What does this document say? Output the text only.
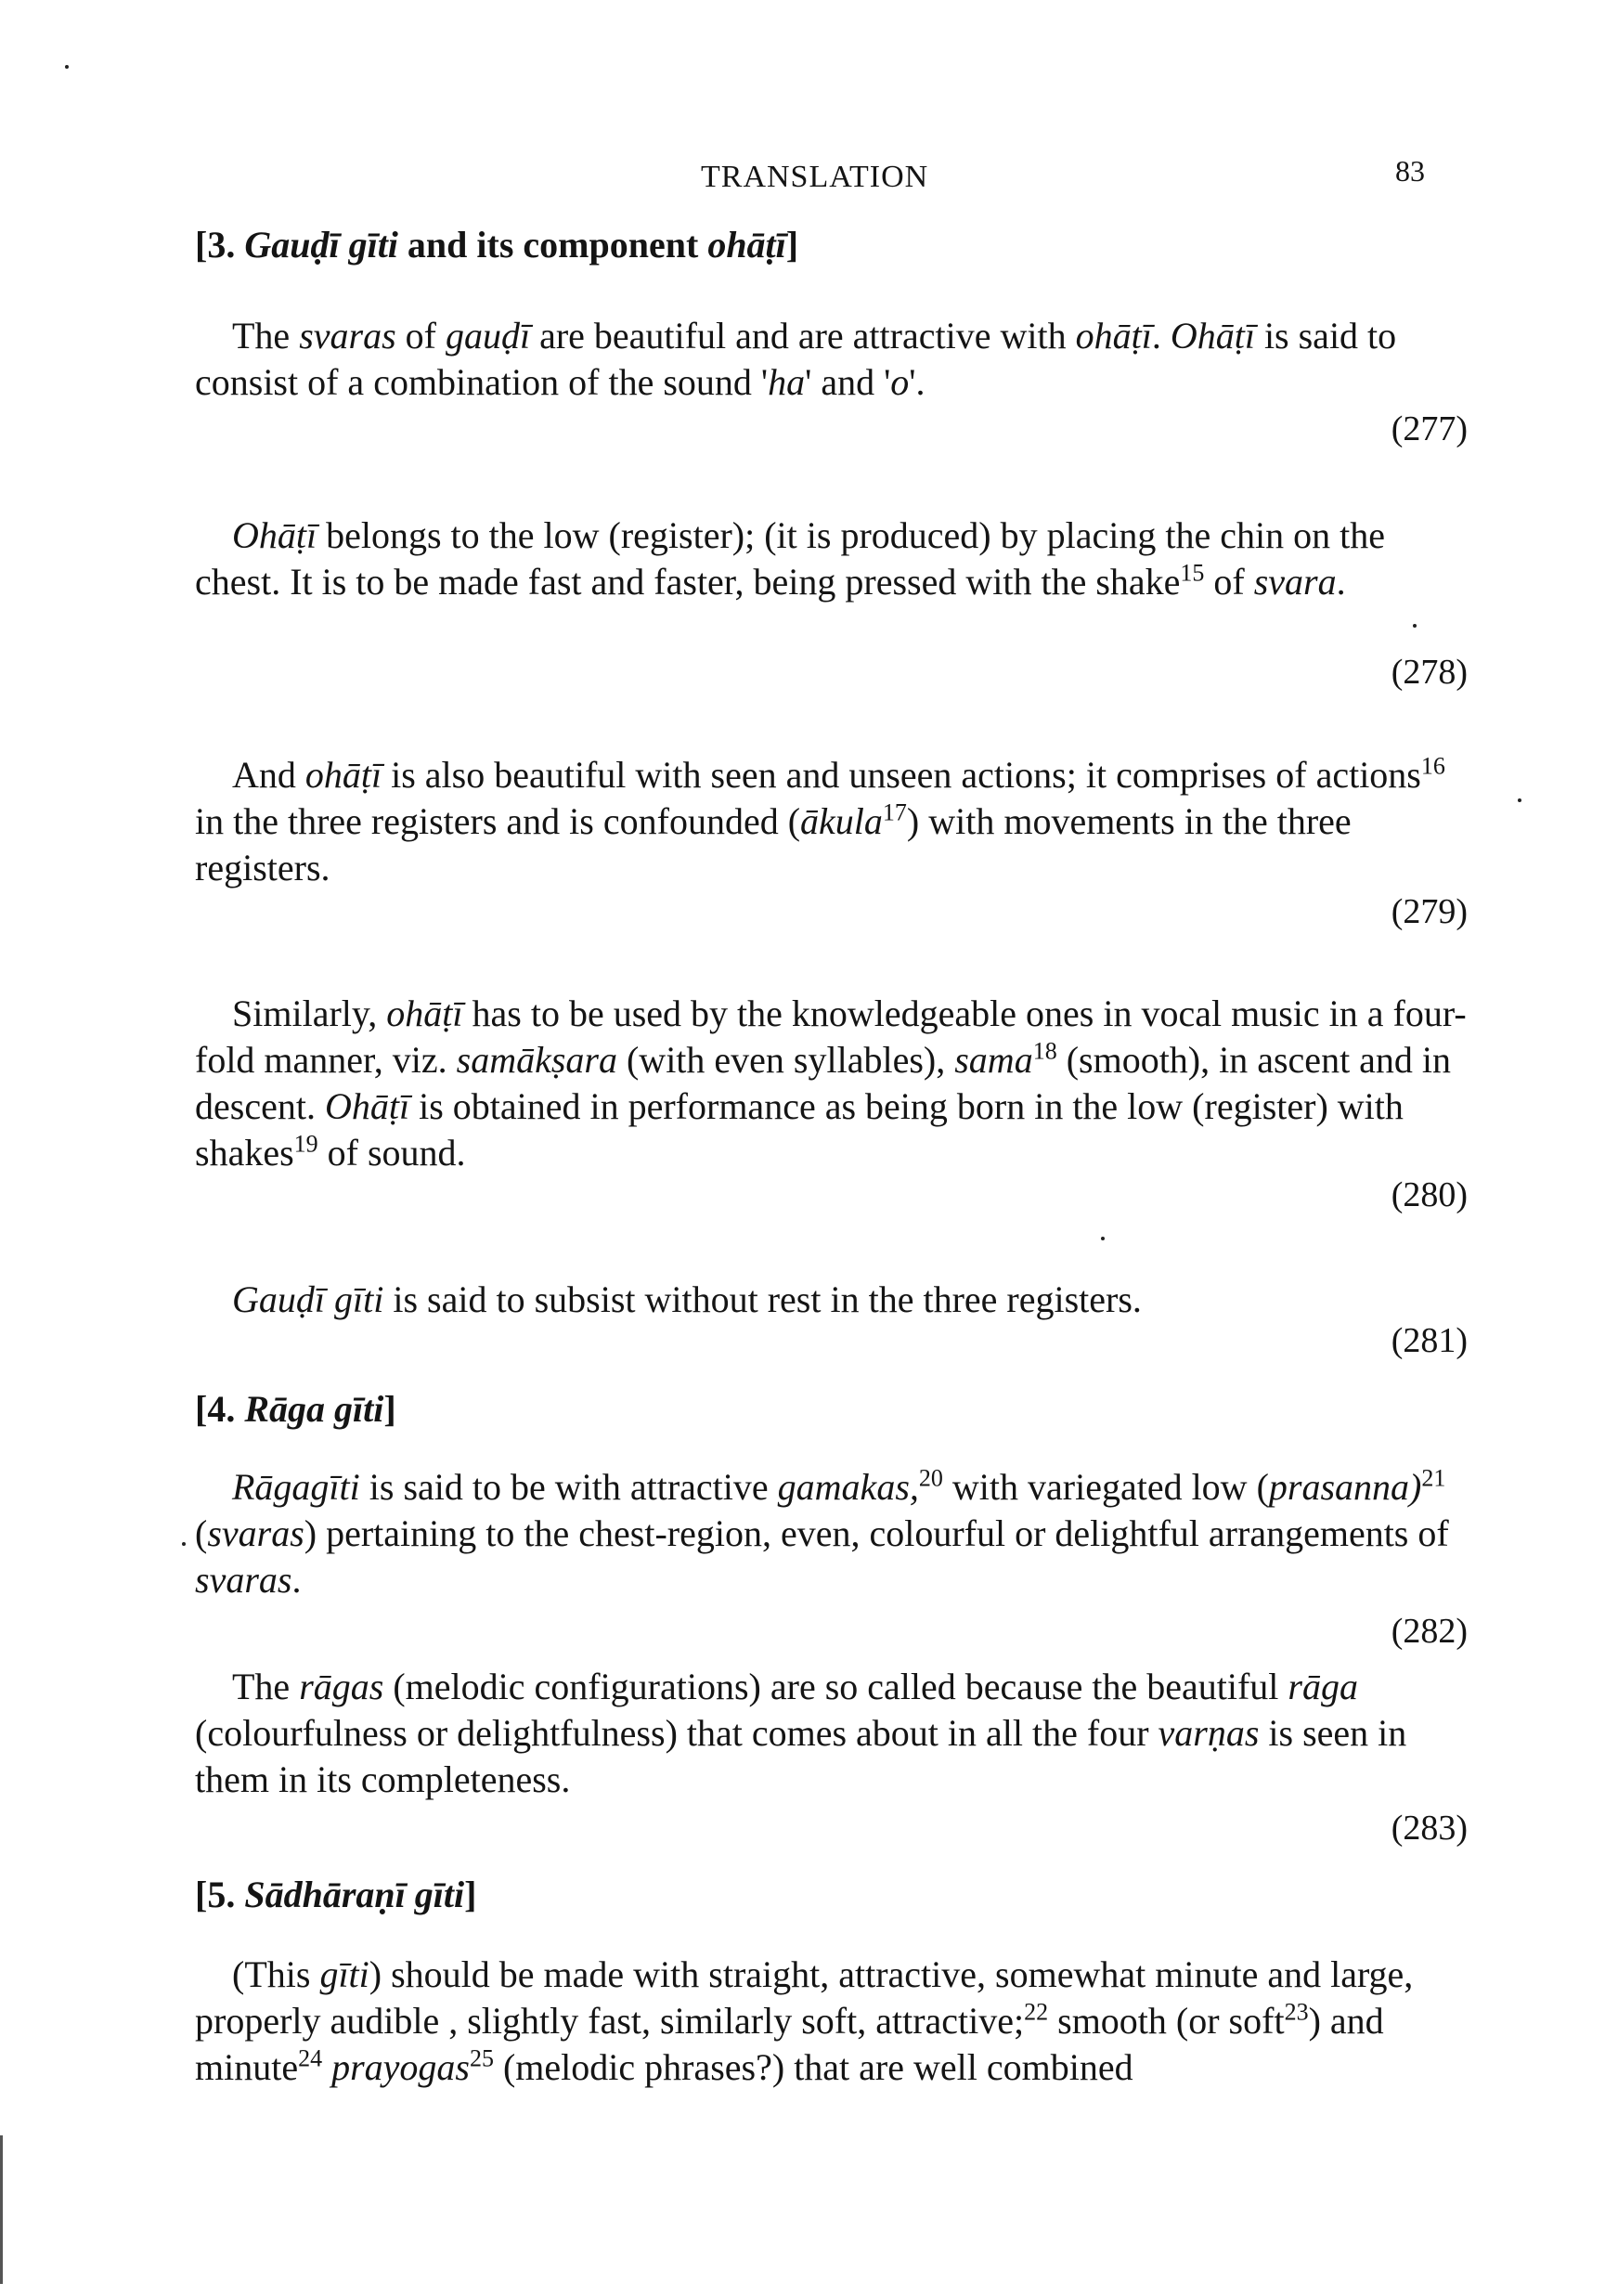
TRANSLATION	83
[3. Gauḍī gīti and its component ohāṭī]

The svaras of gauḍī are beautiful and are attractive with ohāṭī. Ohāṭī is said to consist of a combination of the sound 'ha' and 'o'.

(277)

Ohāṭī belongs to the low (register); (it is produced) by placing the chin on the chest. It is to be made fast and faster, being pressed with the shake$^{15}$ of svara.

(278)

And ohāṭī is also beautiful with seen and unseen actions; it comprises of actions$^{16}$ in the three registers and is confounded (ākula$^{17}$) with movements in the three registers.

(279)

Similarly, ohāṭī has to be used by the knowledgeable ones in vocal music in a four-fold manner, viz. samākṣara (with even syllables), sama$^{18}$ (smooth), in ascent and in descent. Ohāṭī is obtained in performance as being born in the low (register) with shakes$^{19}$ of sound.

(280)

Gauḍī gīti is said to subsist without rest in the three registers.

(281)
[4. Rāga gīti]

Rāgagīti is said to be with attractive gamakas,$^{20}$ with variegated low (prasanna)$^{21}$ (svaras) pertaining to the chest-region, even, colourful or delightful arrangements of svaras.

(282)

The rāgas (melodic configurations) are so called because the beautiful rāga (colourfulness or delightfulness) that comes about in all the four varṇas is seen in them in its completeness.

(283)
[5. Sādhāraṇī gīti]

(This gīti) should be made with straight, attractive, somewhat minute and large, properly audible , slightly fast, similarly soft, attractive;$^{22}$ smooth (or soft$^{23}$) and minute$^{24}$ prayogas$^{25}$ (melodic phrases?) that are well combined
